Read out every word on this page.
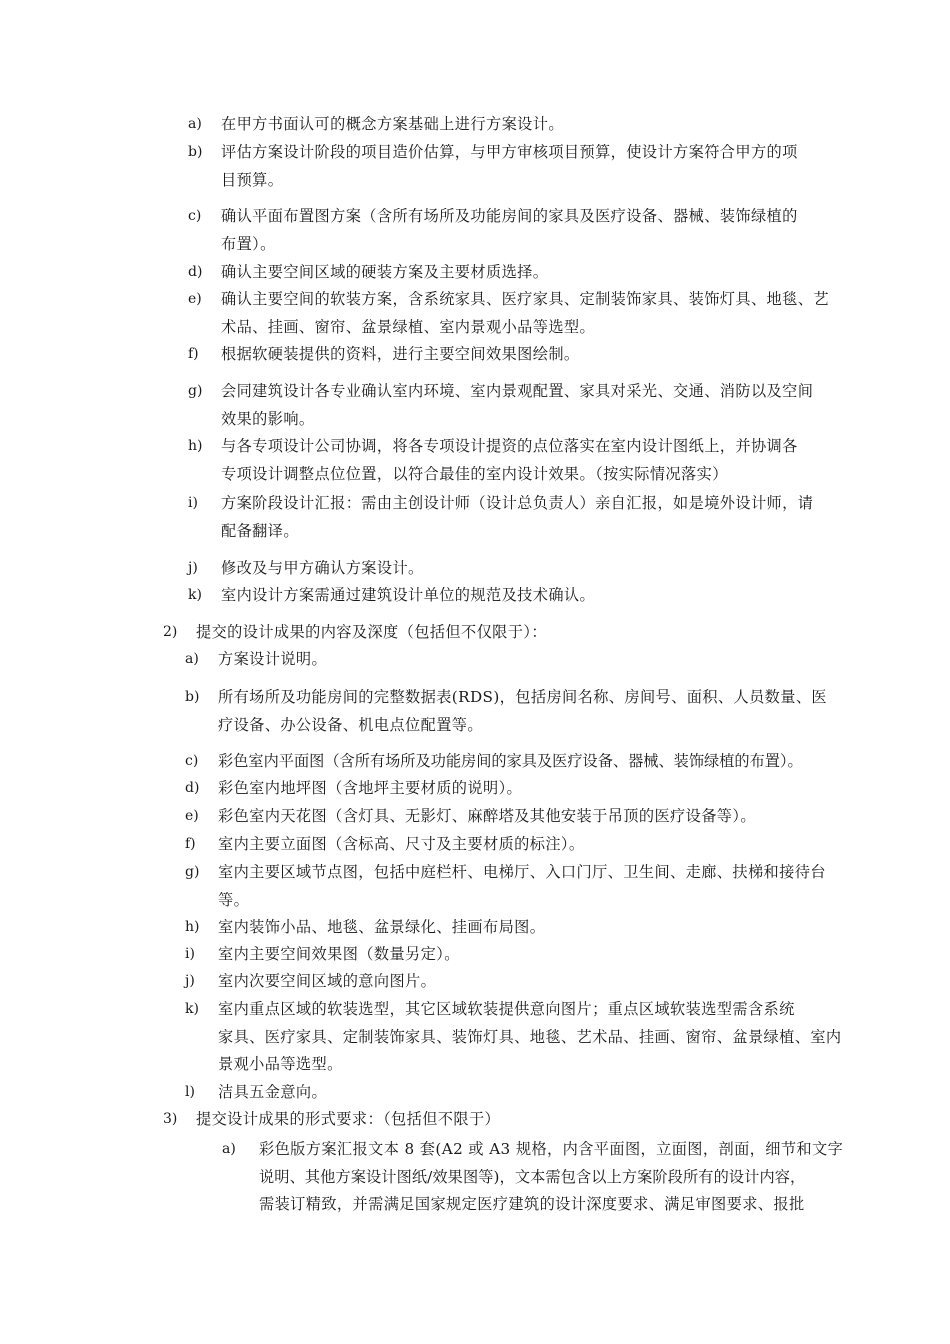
a) 在甲方书面认可的概念方案基础上进行方案设计。
b) 评估方案设计阶段的项目造价估算，与甲方审核项目预算，使设计方案符合甲方的项
目预算。
c) 确认平面布置图方案（含所有场所及功能房间的家具及医疗设备、器械、装饰绿植的
布置）。
d) 确认主要空间区域的硬装方案及主要材质选择。
e) 确认主要空间的软装方案，含系统家具、医疗家具、定制装饰家具、装饰灯具、地毯、艺
术品、挂画、窗帘、盆景绿植、室内景观小品等选型。
f) 根据软硬装提供的资料，进行主要空间效果图绘制。
g) 会同建筑设计各专业确认室内环境、室内景观配置、家具对采光、交通、消防以及空间
效果的影响。
h) 与各专项设计公司协调，将各专项设计提资的点位落实在室内设计图纸上，并协调各
专项设计调整点位位置，以符合最佳的室内设计效果。（按实际情况落实）
i) 方案阶段设计汇报：需由主创设计师（设计总负责人）亲自汇报，如是境外设计师，请
配备翻译。
j) 修改及与甲方确认方案设计。
k) 室内设计方案需通过建筑设计单位的规范及技术确认。
2) 提交的设计成果的内容及深度（包括但不仅限于）：
a) 方案设计说明。
b) 所有场所及功能房间的完整数据表(RDS)，包括房间名称、房间号、面积、人员数量、医
疗设备、办公设备、机电点位配置等。
c) 彩色室内平面图（含所有场所及功能房间的家具及医疗设备、器械、装饰绿植的布置）。
d) 彩色室内地坪图（含地坪主要材质的说明）。
e) 彩色室内天花图（含灯具、无影灯、麻醉塔及其他安装于吊顶的医疗设备等）。
f) 室内主要立面图（含标高、尺寸及主要材质的标注）。
g) 室内主要区域节点图，包括中庭栏杆、电梯厅、入口门厅、卫生间、走廊、扶梯和接待台
等。
h) 室内装饰小品、地毯、盆景绿化、挂画布局图。
i) 室内主要空间效果图（数量另定）。
j) 室内次要空间区域的意向图片。
k) 室内重点区域的软装选型，其它区域软装提供意向图片；重点区域软装选型需含系统
家具、医疗家具、定制装饰家具、装饰灯具、地毯、艺术品、挂画、窗帘、盆景绿植、室内
景观小品等选型。
l) 洁具五金意向。
3) 提交设计成果的形式要求：（包括但不限于）
a) 彩色版方案汇报文本 8 套(A2 或 A3 规格，内含平面图，立面图，剖面，细节和文字
说明、其他方案设计图纸/效果图等)，文本需包含以上方案阶段所有的设计内容，
需装订精致，并需满足国家规定医疗建筑的设计深度要求、满足审图要求、报批
